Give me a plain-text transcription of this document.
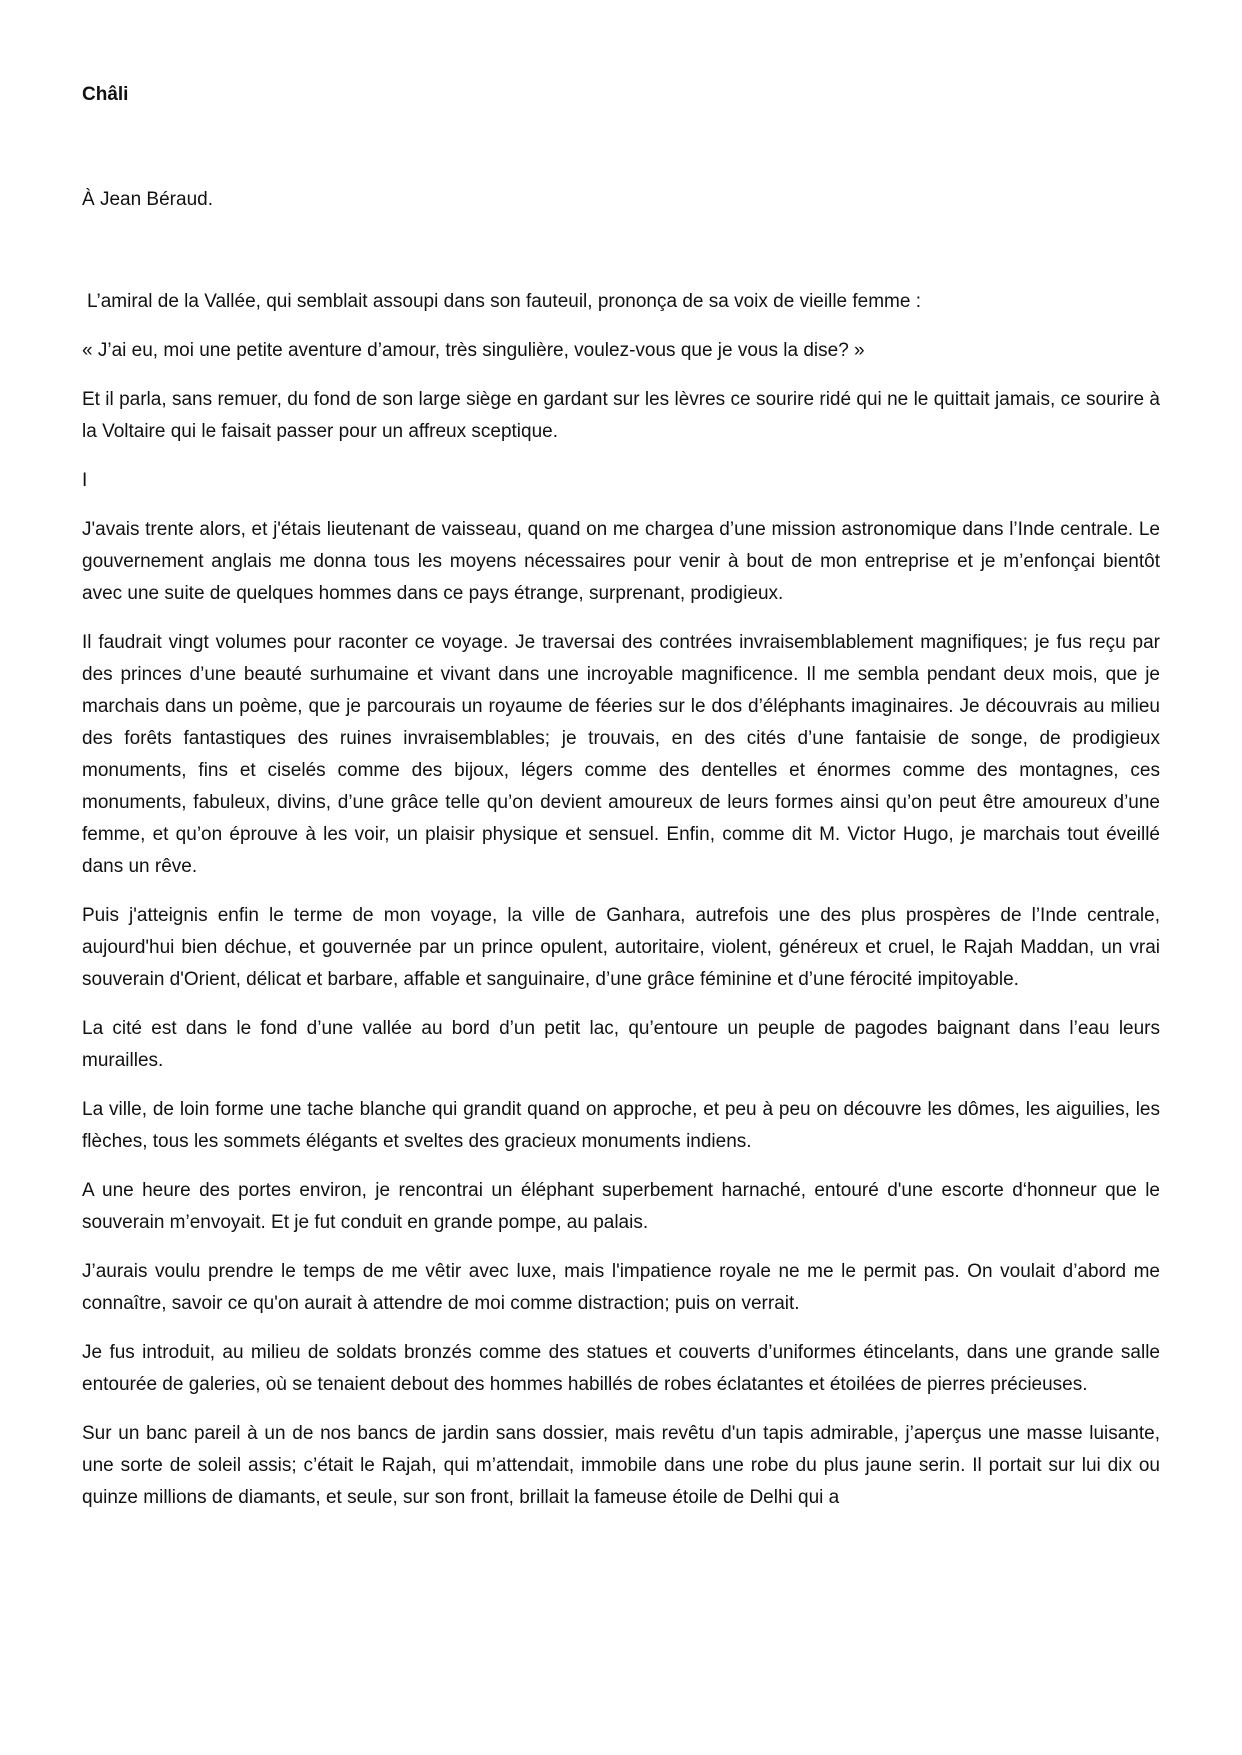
Châli

À Jean Béraud.

L’amiral de la Vallée, qui semblait assoupi dans son fauteuil, prononça de sa voix de vieille femme :

« J’ai eu, moi une petite aventure d’amour, très singulière, voulez-vous que je vous la dise? »

Et il parla, sans remuer, du fond de son large siège en gardant sur les lèvres ce sourire ridé qui ne le quittait jamais, ce sourire à la Voltaire qui le faisait passer pour un affreux sceptique.

I

J'avais trente alors, et j'étais lieutenant de vaisseau, quand on me chargea d’une mission astronomique dans l’Inde centrale. Le gouvernement anglais me donna tous les moyens nécessaires pour venir à bout de mon entreprise et je m’enfonçai bientôt avec une suite de quelques hommes dans ce pays étrange, surprenant, prodigieux.

Il faudrait vingt volumes pour raconter ce voyage. Je traversai des contrées invraisemblablement magnifiques; je fus reçu par des princes d’une beauté surhumaine et vivant dans une incroyable magnificence. Il me sembla pendant deux mois, que je marchais dans un poème, que je parcourais un royaume de féeries sur le dos d’éléphants imaginaires. Je découvrais au milieu des forêts fantastiques des ruines invraisemblables; je trouvais, en des cités d’une fantaisie de songe, de prodigieux monuments, fins et ciselés comme des bijoux, légers comme des dentelles et énormes comme des montagnes, ces monuments, fabuleux, divins, d’une grâce telle qu’on devient amoureux de leurs formes ainsi qu’on peut être amoureux d’une femme, et qu’on éprouve à les voir, un plaisir physique et sensuel. Enfin, comme dit M. Victor Hugo, je marchais tout éveillé dans un rêve.

Puis j'atteignis enfin le terme de mon voyage, la ville de Ganhara, autrefois une des plus prospères de l’Inde centrale, aujourd'hui bien déchue, et gouvernée par un prince opulent, autoritaire, violent, généreux et cruel, le Rajah Maddan, un vrai souverain d'Orient, délicat et barbare, affable et sanguinaire, d’une grâce féminine et d’une férocité impitoyable.

La cité est dans le fond d’une vallée au bord d’un petit lac, qu’entoure un peuple de pagodes baignant dans l’eau leurs murailles.

La ville, de loin forme une tache blanche qui grandit quand on approche, et peu à peu on découvre les dômes, les aiguilies, les flèches, tous les sommets élégants et sveltes des gracieux monuments indiens.

A une heure des portes environ, je rencontrai un éléphant superbement harnaché, entouré d'une escorte d‘honneur que le souverain m’envoyait. Et je fut conduit en grande pompe, au palais.

J’aurais voulu prendre le temps de me vêtir avec luxe, mais l'impatience royale ne me le permit pas. On voulait d’abord me connaître, savoir ce qu'on aurait à attendre de moi comme distraction; puis on verrait.

Je fus introduit, au milieu de soldats bronzés comme des statues et couverts d’uniformes étincelants, dans une grande salle entourée de galeries, où se tenaient debout des hommes habillés de robes éclatantes et étoilées de pierres précieuses.

Sur un banc pareil à un de nos bancs de jardin sans dossier, mais revêtu d'un tapis admirable, j’aperçus une masse luisante, une sorte de soleil assis; c’était le Rajah, qui m’attendait, immobile dans une robe du plus jaune serin. Il portait sur lui dix ou quinze millions de diamants, et seule, sur son front, brillait la fameuse étoile de Delhi qui a
